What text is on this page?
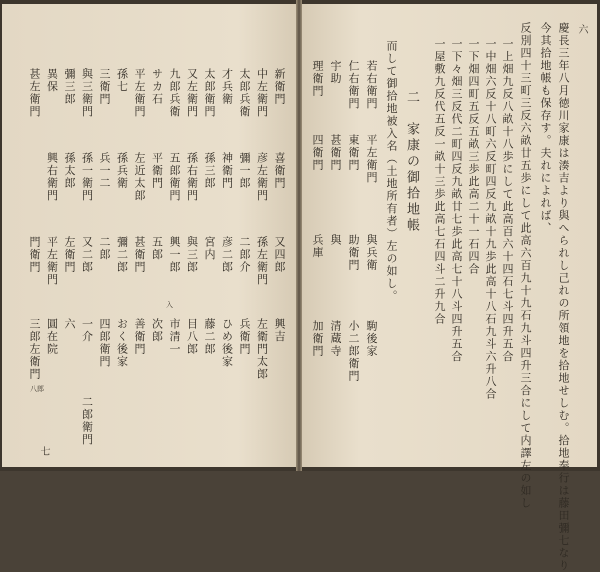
六
慶長三年八月徳川家康は湊吉より與へられし己れの所領地を拾地せしむ。拾地奉行は藤田彌七なり
今其拾地帳も保存す。夫れによれば、
反別四十三町三反六畝廿五歩にして此高六百九十九石九斗四升三合にして内譯左の如し
一上畑九反八畝十八歩にして此高百六十四石七斗四升五合
一中畑六反十八町六反町四反九畝十九歩此高十八石九斗六升八合
一下畑四町五反五畝三歩此高二十一石四合
一下々畑三反代二町四反九畝廿七歩此高七十八斗四升五合
一屋敷九反代五反一畝十三歩此高七石四斗二升九合
二　家康の御拾地帳
而して御拾地被入名（土地所有者）左の如し。
若右衛門
仁右衛門
宇助
理衛門
平左衛門
東衛門
甚衛門
四衛門
與兵衛
助衛門
與
兵庫
駒後家
小二郎衛門
清蔵寺
加衛門
七
新衛門
喜衛門
又四郎
興吉
中左衛門
彦左衛門
孫左衛門
左衛門太郎
太郎兵衛
彌一郎
二郎介
兵衛門
才兵衛
神衛門
彦二郎
ひめ後家
太郎衛門
孫三郎
宮内
藤二郎
又左衛門
孫右衛門
與三郎
目八郎
九郎兵衛
五郎衛門
興一郎
市清一
サカ石
平衛門
五郎
次郎
平左衛門
左近太郎
甚衛門
善衛門
孫七
孫兵衛
彌二郎
おく後家
三衛門
兵一二
二郎
四郎衛門
與三衛門
孫一衛門
又二郎
一介
二郎衛門
彌三郎
孫太郎
左衛門
六
異保
興右衛門
平左衛門
圓在院
甚左衛門
門衛門
三郎左衛門
八郎
入
